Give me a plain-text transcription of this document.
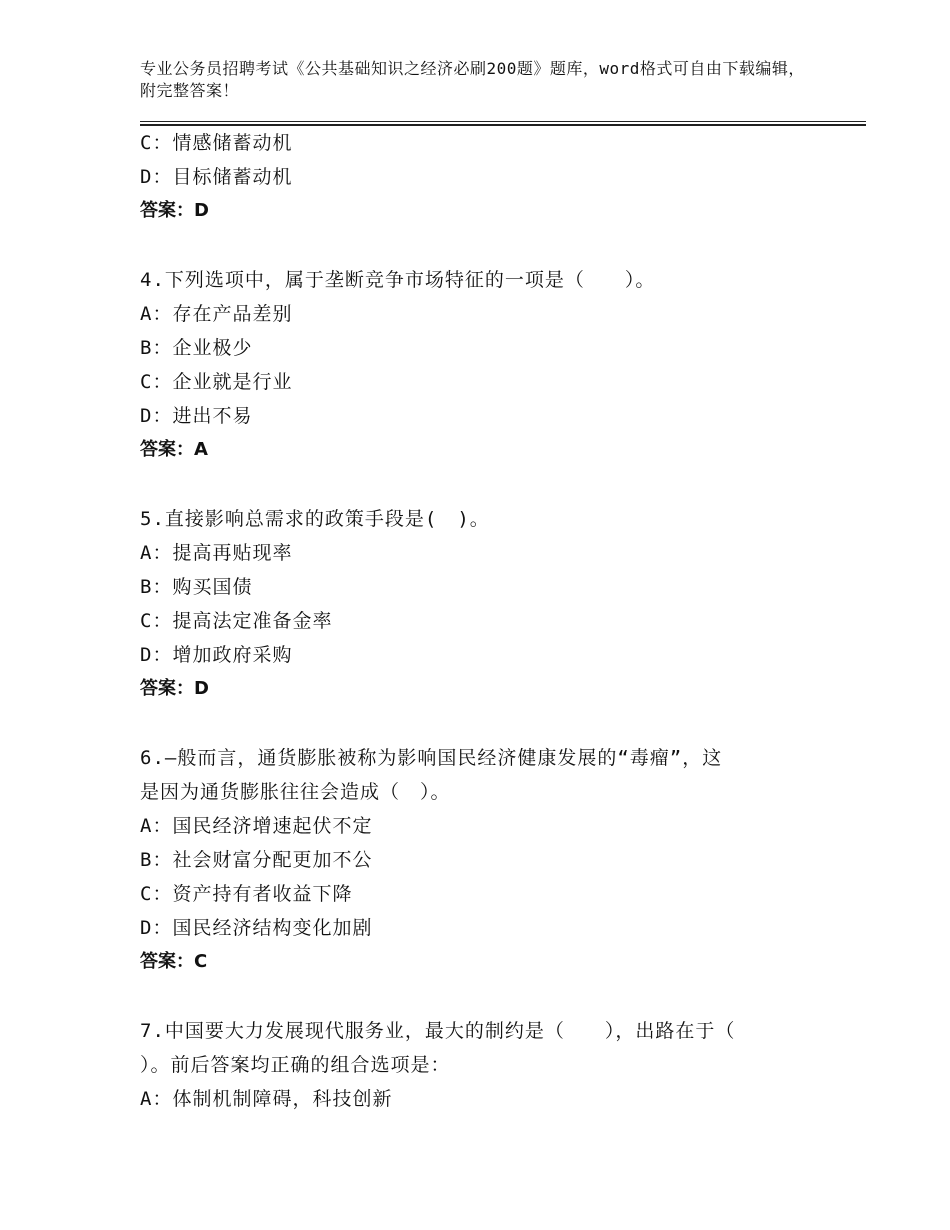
专业公务员招聘考试《公共基础知识之经济必刷200题》题库，word格式可自由下载编辑，附完整答案！
C：情感储蓄动机
D：目标储蓄动机
答案：D
4.下列选项中，属于垄断竞争市场特征的一项是（　　）。
A：存在产品差别
B：企业极少
C：企业就是行业
D：进出不易
答案：A
5.直接影响总需求的政策手段是(　)。
A：提高再贴现率
B：购买国债
C：提高法定准备金率
D：增加政府采购
答案：D
6.—般而言，通货膨胀被称为影响国民经济健康发展的“毒瘤”，这
是因为通货膨胀往往会造成（　）。
A：国民经济增速起伏不定
B：社会财富分配更加不公
C：资产持有者收益下降
D：国民经济结构变化加剧
答案：C
7.中国要大力发展现代服务业，最大的制约是（　　），出路在于（
）。前后答案均正确的组合选项是：
A：体制机制障碍，科技创新
